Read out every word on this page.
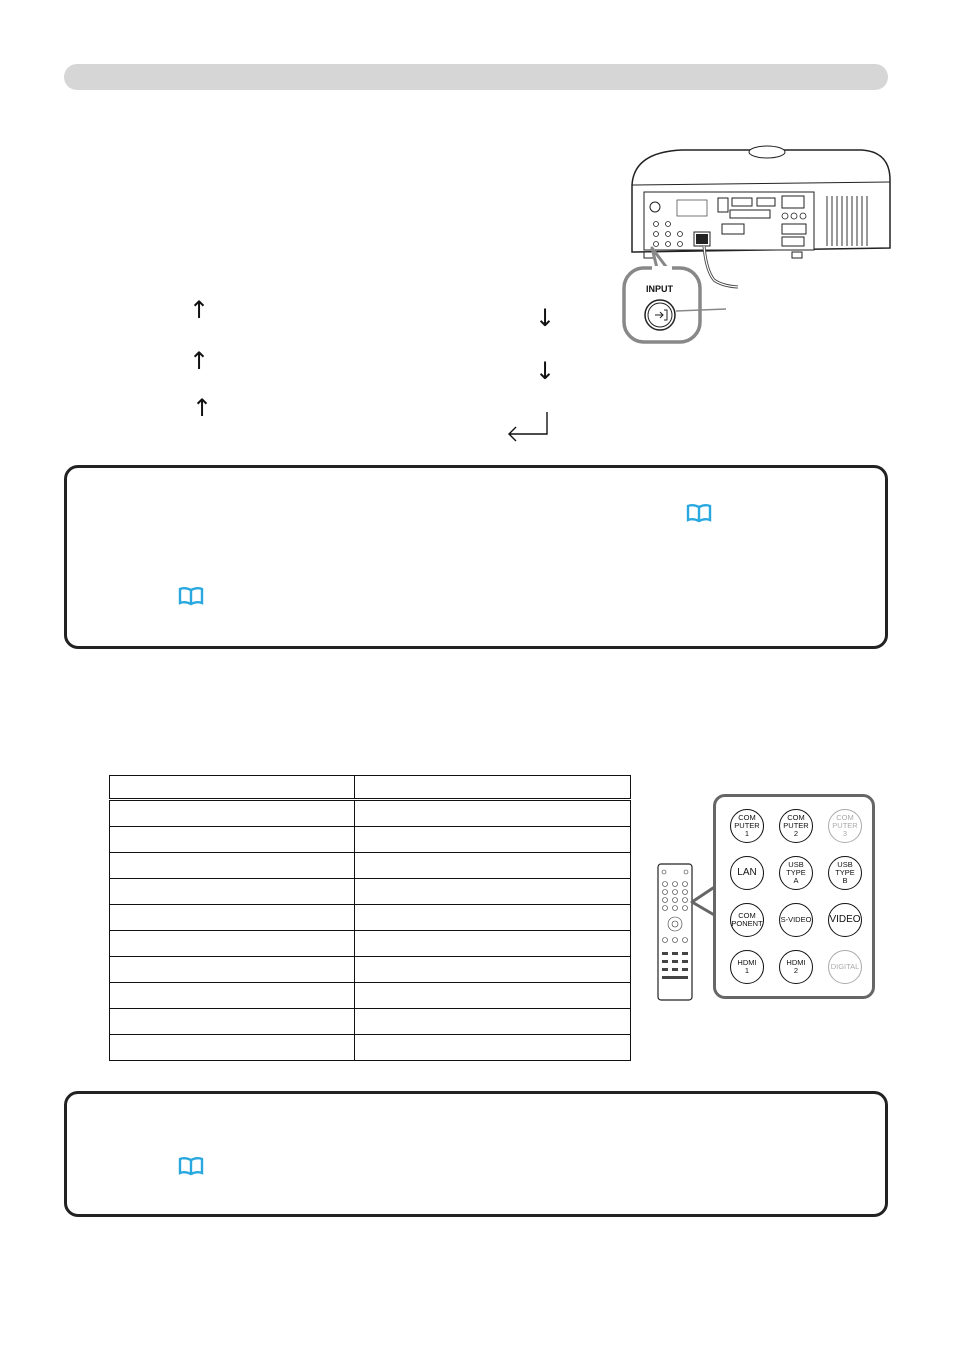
INPUT
↑	↓
↑	↓
↑

COM
PUTER
1
COM
PUTER
2
COM
PUTER
3
LAN
USB
TYPE
A
USB
TYPE
B
COM
PONENT S-VIDEO VIDEO
HDMI
1
HDMI
2	DIGITAL
